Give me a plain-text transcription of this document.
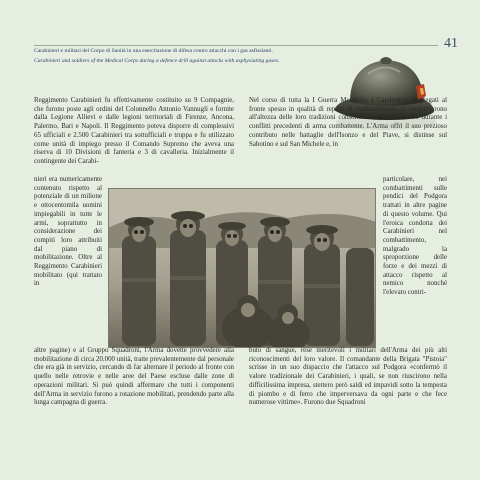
41
Carabinieri e militari del Corpo di Sanità in una esercitazione di difesa contro attacchi con i gas asfissianti.
Carabinieri and soldiers of the Medical Corps during a defence drill against attacks with asphyxiating gases.
Reggimento Carabinieri fu effettivamente costituito su 9 Compagnie, che furono poste agli ordini del Colonnello Antonio Vannugli e fornite dalla Legione Allievi e dalle legioni territoriali di Firenze, Ancona, Palermo, Bari e Napoli. Il Reggimento poteva disporre di complessivi 65 ufficiali e 2.500 Carabinieri tra sottufficiali e truppa e fu utilizzato come unità di impiego presso il Comando Supremo che aveva una riserva di 10 Divisioni di fanteria e 3 di cavalleria. Inizialmente il contingente dei Carabi-
Nel corso di tutta la I Guerra Mondiale, i Carabinieri, impiegati al fronte spesso in qualità di reparti di combattimento, si confermarono all'altezza delle loro tradizioni consolidando il ruolo svolto durante i conflitti precedenti di arma combattente. L'Arma offrì il suo prezioso contributo nelle battaglie dell'Isonzo e del Piave, si distinse sul Sabotino e sul San Michele e, in
nieri era numericamente contenuto rispetto al potenziale di un milione e ottocentomila uomini impiegabili in tutte le armi, soprattutto in considerazione dei compiti loro attribuiti dal piano di mobilitazione. Oltre al Reggimento Carabinieri mobilitato (qui trattato in
particolare, nei combattimenti sulle pendici del Podgora trattati in altre pagine di questo volume. Qui l'eroica condotta dei Carabinieri nel combattimento, malgrado la sproporzione delle forze e dei mezzi di attacco rispetto al nemico nonché l'elevato contri-
altre pagine) e al Gruppo Squadroni, l'Arma dovette provvedere alla mobilitazione di circa 20.000 unità, tratte prevalentemente dal personale che era già in servizio, cercando di far alternare il periodo al fronte con quello nelle retrovie e nelle aree del Paese escluse dalle zone di operazioni militari. Si può quindi affermare che tutti i componenti dell'Arma in servizio furono a rotazione mobilitati, prendendo parte alla lunga campagna di guerra.
buto di sangue, rese meritevoli i militari dell'Arma dei più alti riconoscimenti del loro valore. Il comandante della Brigata "Pistoia" scrisse in un suo dispaccio che l'attacco sul Podgora «confermò il valore tradizionale dei Carabinieri, i quali, se non riuscirono nella difficilissima impresa, stettero però saldi ed impavidi sotto la tempesta di piombo e di ferro che imperversava da ogni parte e che fece numerose vittime». Furono due Squadroni
